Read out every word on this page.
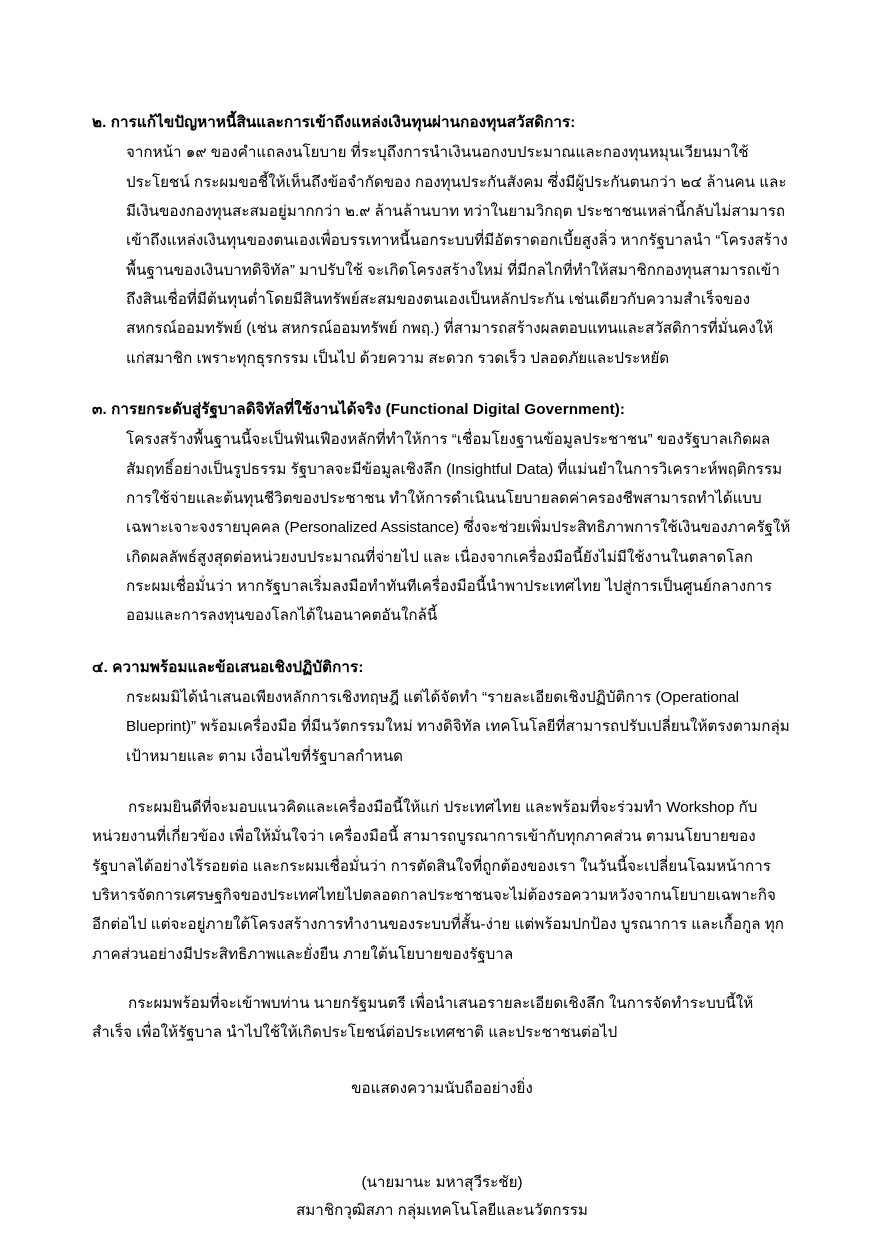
๒. การแก้ไขปัญหาหนี้สินและการเข้าถึงแหล่งเงินทุนผ่านกองทุนสวัสดิการ:
จากหน้า ๑๙ ของคำแถลงนโยบาย ที่ระบุถึงการนำเงินนอกงบประมาณและกองทุนหมุนเวียนมาใช้ประโยชน์ กระผมขอชี้ให้เห็นถึงข้อจำกัดของ กองทุนประกันสังคม ซึ่งมีผู้ประกันตนกว่า ๒๔ ล้านคน และมีเงินของกองทุนสะสมอยู่มากกว่า ๒.๙ ล้านล้านบาท ทว่าในยามวิกฤต ประชาชนเหล่านี้กลับไม่สามารถเข้าถึงแหล่งเงินทุนของตนเองเพื่อบรรเทาหนี้นอกระบบที่มีอัตราดอกเบี้ยสูงลิ่ว หากรัฐบาลนำ “โครงสร้างพื้นฐานของเงินบาทดิจิทัล” มาปรับใช้ จะเกิดโครงสร้างใหม่ ที่มีกลไกที่ทำให้สมาชิกกองทุนสามารถเข้าถึงสินเชื่อที่มีต้นทุนต่ำโดยมีสินทรัพย์สะสมของตนเองเป็นหลักประกัน เช่นเดียวกับความสำเร็จของ สหกรณ์ออมทรัพย์ (เช่น สหกรณ์ออมทรัพย์ กพฤ.) ที่สามารถสร้างผลตอบแทนและสวัสดิการที่มั่นคงให้แก่สมาชิก เพราะทุกธุรกรรม เป็นไป ด้วยความ สะดวก รวดเร็ว ปลอดภัยและประหยัด
๓. การยกระดับสู่รัฐบาลดิจิทัลที่ใช้งานได้จริง (Functional Digital Government):
โครงสร้างพื้นฐานนี้จะเป็นฟันเฟืองหลักที่ทำให้การ “เชื่อมโยงฐานข้อมูลประชาชน” ของรัฐบาลเกิดผลสัมฤทธิ์อย่างเป็นรูปธรรม รัฐบาลจะมีข้อมูลเชิงลึก (Insightful Data) ที่แม่นยำในการวิเคราะห์พฤติกรรมการใช้จ่ายและต้นทุนชีวิตของประชาชน ทำให้การดำเนินนโยบายลดค่าครองชีพสามารถทำได้แบบ เฉพาะเจาะจงรายบุคคล (Personalized Assistance) ซึ่งจะช่วยเพิ่มประสิทธิภาพการใช้เงินของภาครัฐให้เกิดผลลัพธ์สูงสุดต่อหน่วยงบประมาณที่จ่ายไป และ เนื่องจากเครื่องมือนี้ยังไม่มีใช้งานในตลาดโลก กระผมเชื่อมั่นว่า หากรัฐบาลเริ่มลงมือทำทันทีเครื่องมือนี้นำพาประเทศไทย ไปสู่การเป็นศูนย์กลางการออมและการลงทุนของโลกได้ในอนาคตอันใกล้นี้
๔. ความพร้อมและข้อเสนอเชิงปฏิบัติการ:
กระผมมิได้นำเสนอเพียงหลักการเชิงทฤษฎี แต่ได้จัดทำ “รายละเอียดเชิงปฏิบัติการ (Operational Blueprint)” พร้อมเครื่องมือ ที่มีนวัตกรรมใหม่ ทางดิจิทัล เทคโนโลยีที่สามารถปรับเปลี่ยนให้ตรงตามกลุ่มเป้าหมายและ ตาม เงื่อนไขที่รัฐบาลกำหนด
กระผมยินดีที่จะมอบแนวคิดและเครื่องมือนี้ให้แก่ ประเทศไทย และพร้อมที่จะร่วมทำ Workshop กับหน่วยงานที่เกี่ยวข้อง เพื่อให้มั่นใจว่า เครื่องมือนี้ สามารถบูรณาการเข้ากับทุกภาคส่วน ตามนโยบายของรัฐบาลได้อย่างไร้รอยต่อ และกระผมเชื่อมั่นว่า การตัดสินใจที่ถูกต้องของเรา ในวันนี้จะเปลี่ยนโฉมหน้าการบริหารจัดการเศรษฐกิจของประเทศไทยไปตลอดกาลประชาชนจะไม่ต้องรอความหวังจากนโยบายเฉพาะกิจอีกต่อไป แต่จะอยู่ภายใต้โครงสร้างการทำงานของระบบที่สั้น-ง่าย แต่พร้อมปกป้อง บูรณาการ และเกื้อกูล ทุกภาคส่วนอย่างมีประสิทธิภาพและยั่งยืน ภายใต้นโยบายของรัฐบาล
กระผมพร้อมที่จะเข้าพบท่าน นายกรัฐมนตรี เพื่อนำเสนอรายละเอียดเชิงลึก ในการจัดทำระบบนี้ให้สำเร็จ เพื่อให้รัฐบาล นำไปใช้ให้เกิดประโยชน์ต่อประเทศชาติ และประชาชนต่อไป
ขอแสดงความนับถืออย่างยิ่ง
(นายมานะ มหาสุวีระชัย)
สมาชิกวุฒิสภา กลุ่มเทคโนโลยีและนวัตกรรม
